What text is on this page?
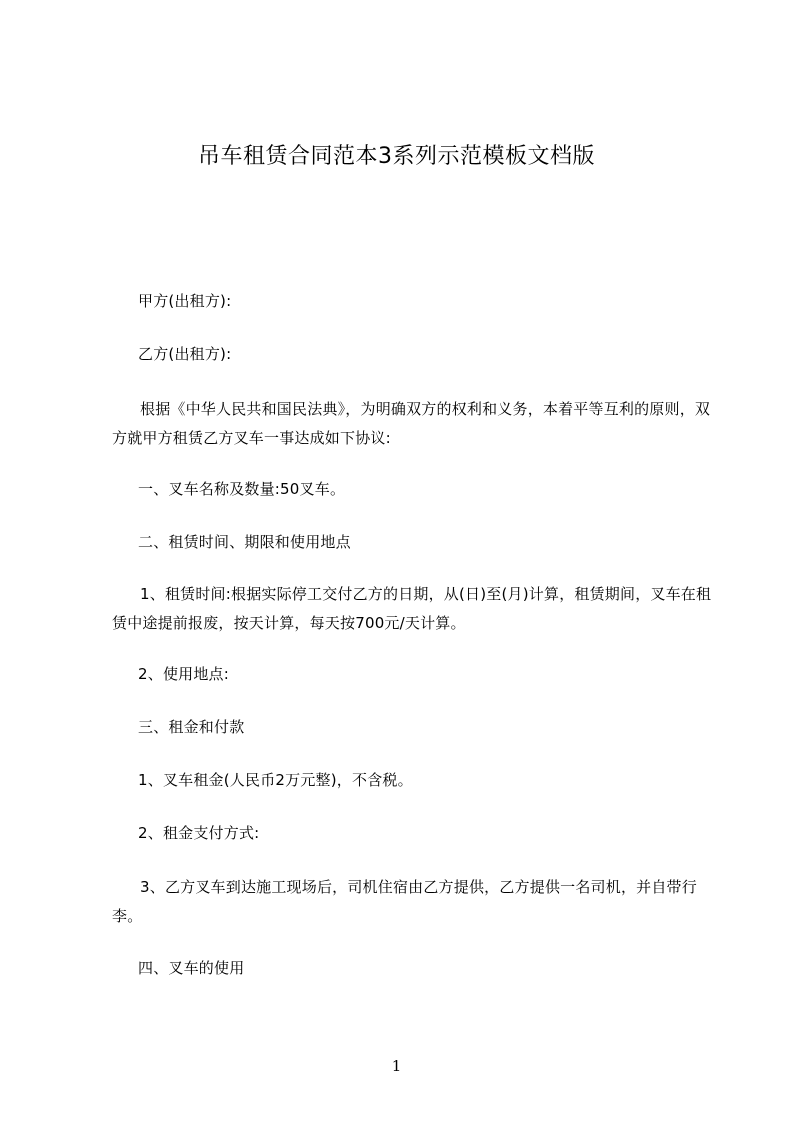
吊车租赁合同范本3系列示范模板文档版
甲方(出租方):
乙方(出租方):
根据《中华人民共和国民法典》，为明确双方的权利和义务，本着平等互利的原则，双方就甲方租赁乙方叉车一事达成如下协议:
一、叉车名称及数量:50叉车。
二、租赁时间、期限和使用地点
1、租赁时间:根据实际停工交付乙方的日期，从(日)至(月)计算，租赁期间，叉车在租赁中途提前报废，按天计算，每天按700元/天计算。
2、使用地点:
三、租金和付款
1、叉车租金(人民币2万元整)，不含税。
2、租金支付方式:
3、乙方叉车到达施工现场后，司机住宿由乙方提供，乙方提供一名司机，并自带行李。
四、叉车的使用
1
